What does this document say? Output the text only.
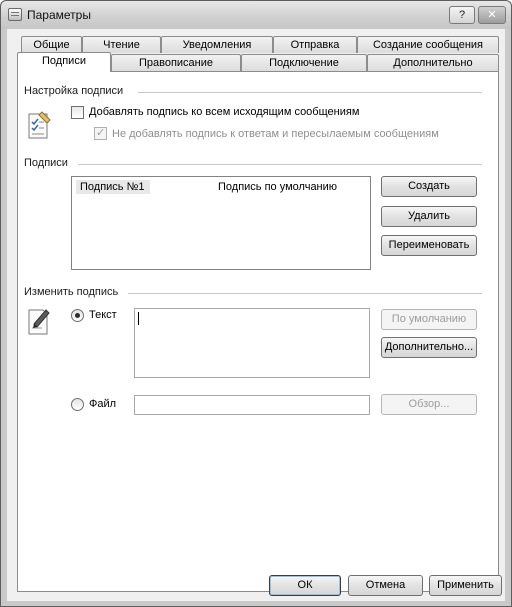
Параметры	?	✕
Общие	Чтение	Уведомления	Отправка	Создание сообщения
Подписи	Правописание	Подключение	Дополнительно
Настройка подписи
Добавлять подпись ко всем исходящим сообщениям
✓ Не добавлять подпись к ответам и пересылаемым сообщениям
Подписи
Подпись №1	Подпись по умолчанию	Создать
Удалить
Переименовать
Изменить подпись
Текст	По умолчанию
Дополнительно...
Файл	Обзор...
ОК	Отмена	Применить
